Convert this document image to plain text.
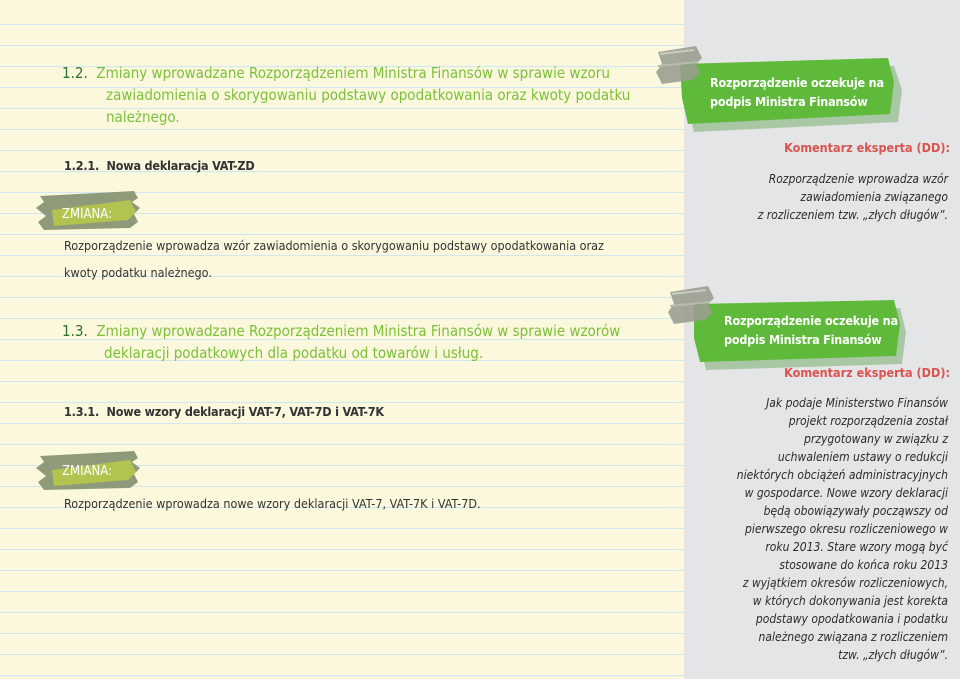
1.2. Zmiany wprowadzane Rozporządzeniem Ministra Finansów w sprawie wzoru
zawiadomienia o skorygowaniu podstawy opodatkowania oraz kwoty podatku
należnego.
1.2.1. Nowa deklaracja VAT-ZD
ZMIANA:
Rozporządzenie wprowadza wzór zawiadomienia o skorygowaniu podstawy opodatkowania oraz
kwoty podatku należnego.
1.3. Zmiany wprowadzane Rozporządzeniem Ministra Finansów w sprawie wzorów
deklaracji podatkowych dla podatku od towarów i usług.
1.3.1. Nowe wzory deklaracji VAT-7, VAT-7D i VAT-7K
ZMIANA:
Rozporządzenie wprowadza nowe wzory deklaracji VAT-7, VAT-7K i VAT-7D.
Rozporządzenie oczekuje na
podpis Ministra Finansów
Komentarz eksperta (DD):

Rozporządzenie wprowadza wzór

zawiadomienia związanego

z rozliczeniem tzw. „złych długów”.

Rozporządzenie oczekuje na
podpis Ministra Finansów
Komentarz eksperta (DD):

Jak podaje Ministerstwo Finansów

projekt rozporządzenia został

przygotowany w związku z

uchwaleniem ustawy o redukcji

niektórych obciążeń administracyjnych

w gospodarce. Nowe wzory deklaracji

będą obowiązywały począwszy od

pierwszego okresu rozliczeniowego w

roku 2013. Stare wzory mogą być

stosowane do końca roku 2013

z wyjątkiem okresów rozliczeniowych,

w których dokonywania jest korekta

podstawy opodatkowania i podatku

należnego związana z rozliczeniem

tzw. „złych długów”.
